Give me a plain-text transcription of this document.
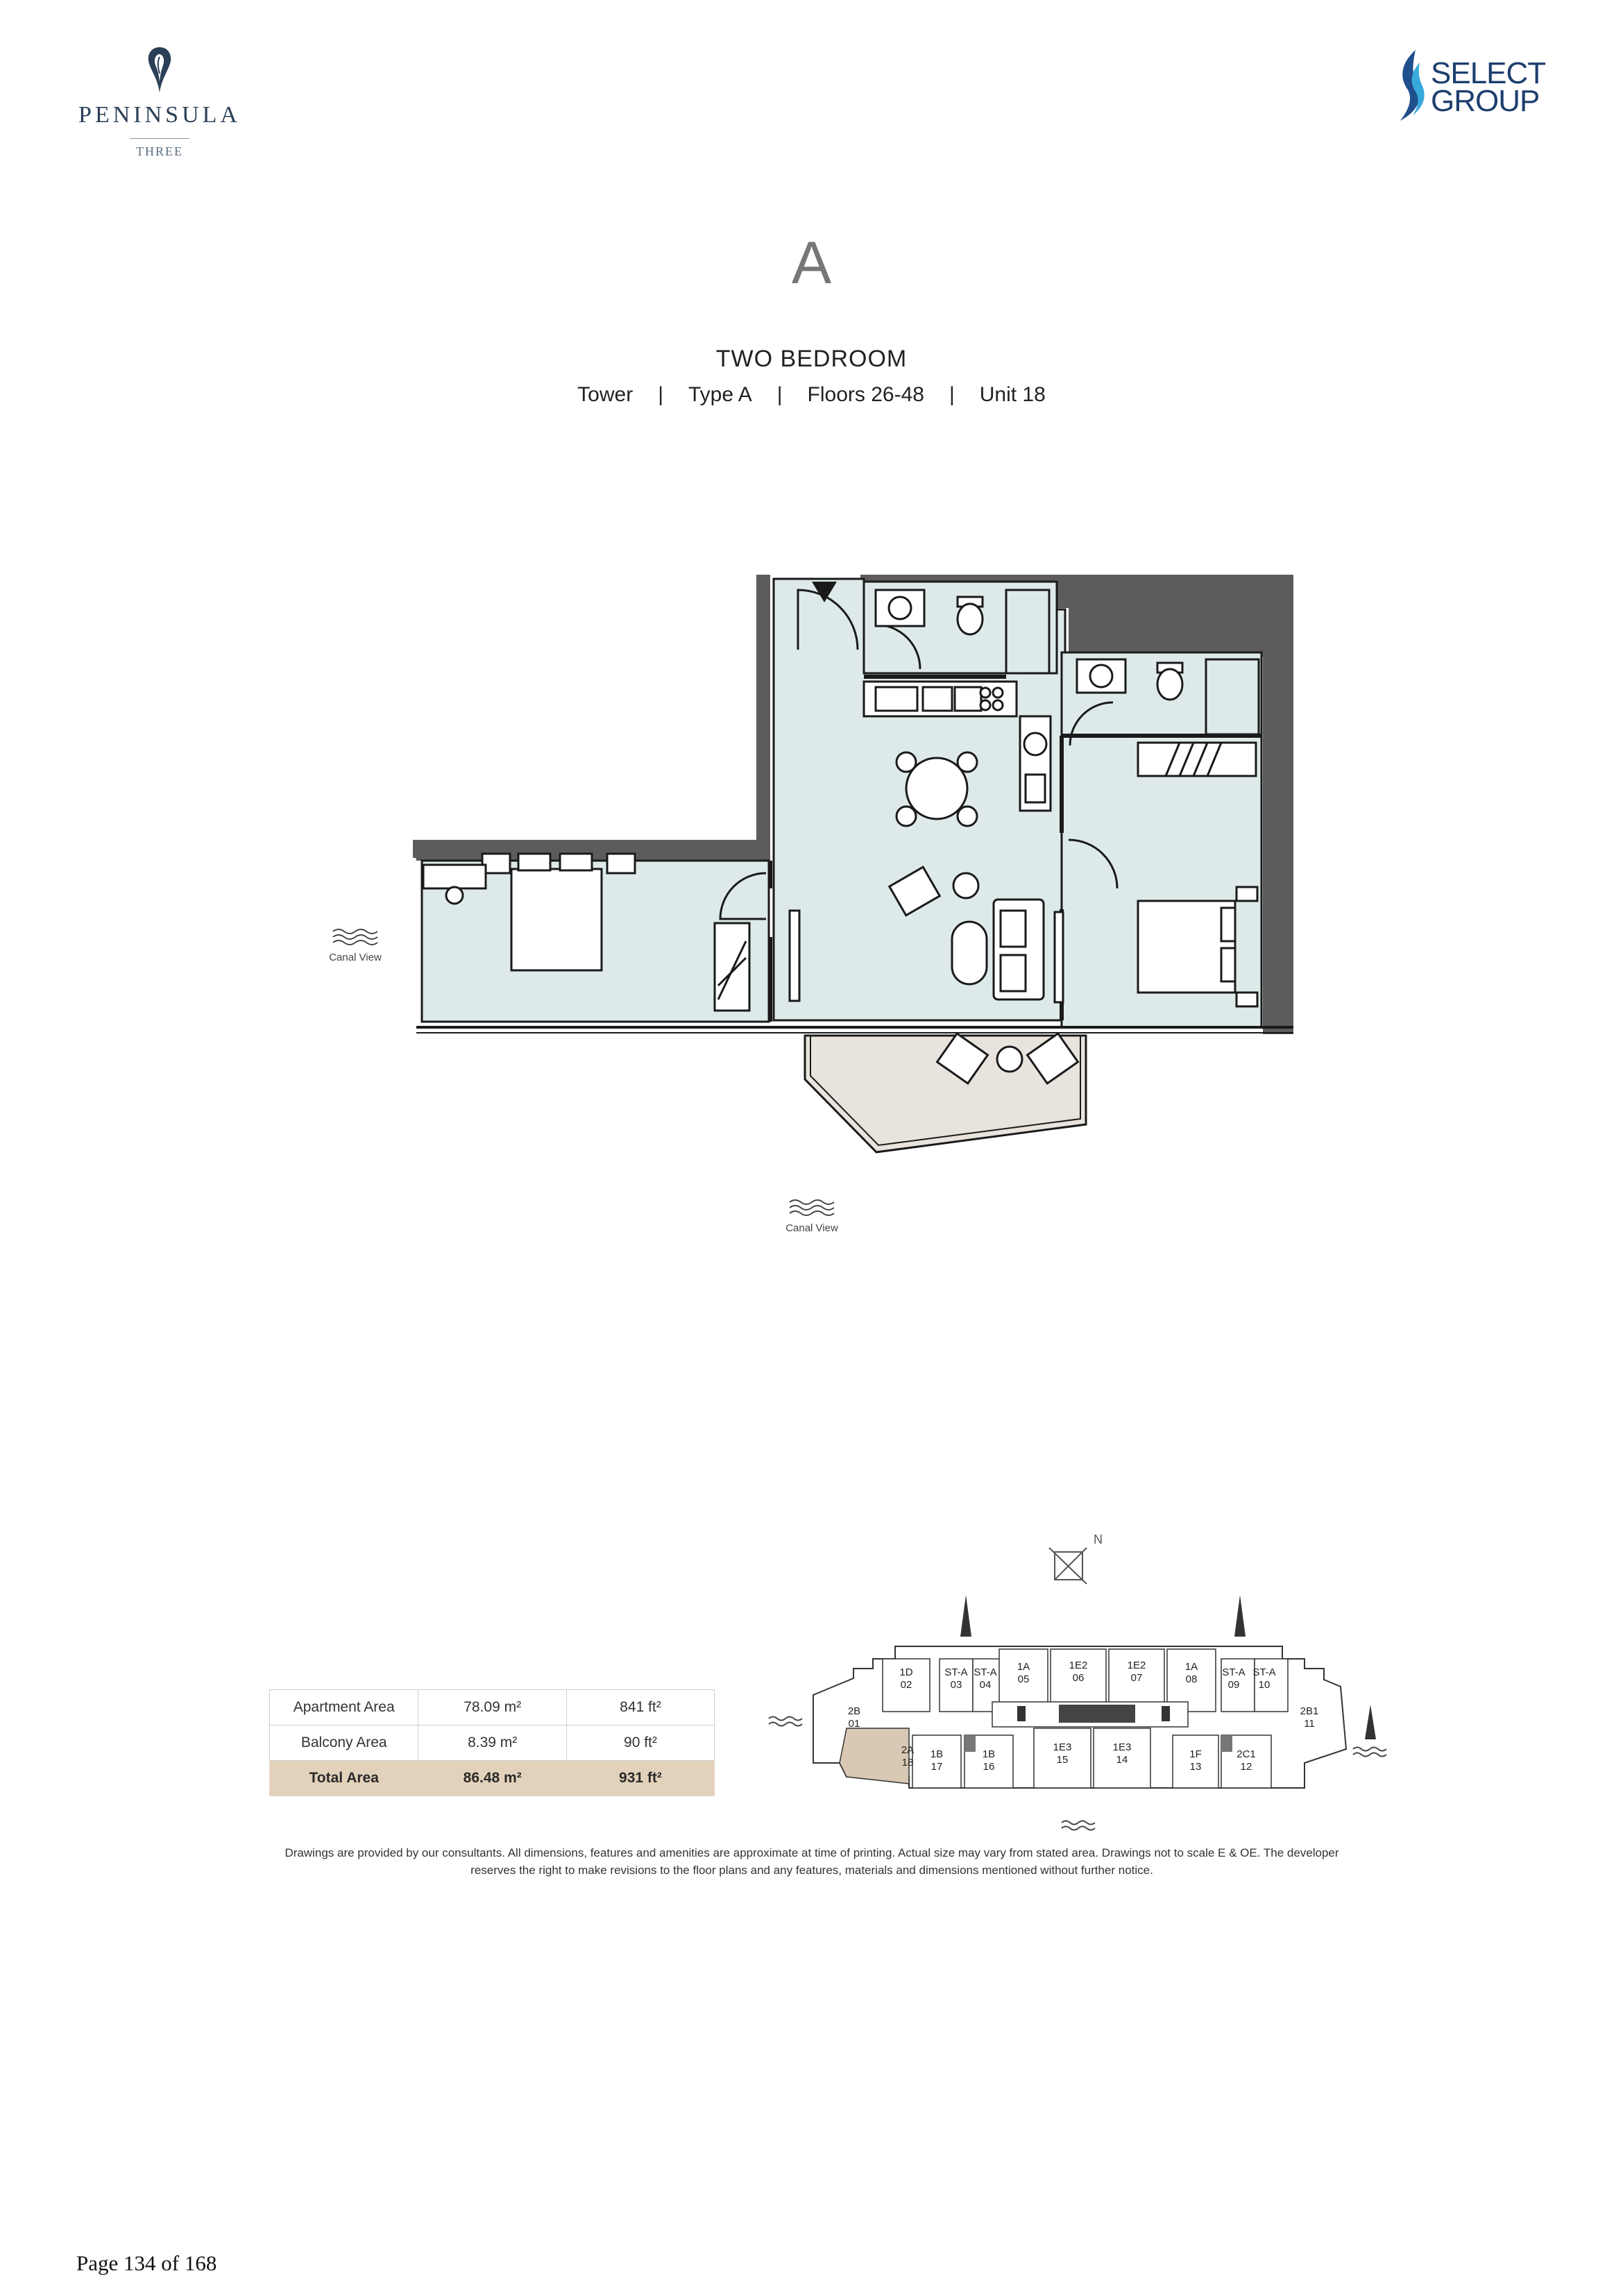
PENINSULA
THREE
SELECT
GROUP
A
TWO BEDROOM
Tower | Type A | Floors 26-48 | Unit 18
Canal View
Canal View
Apartment Area	78.09 m²	841 ft²
Balcony Area	8.39 m²	90 ft²
Total Area	86.48 m²	931 ft²
N
1D
02
ST-A
03
ST-A
04
1A
05
1E2
06
1E2
07
1A
08
ST-A
09
ST-A
10
2B
01
2A
18
1B
17
1B
16
1E3
15
1E3
14	1F
13
2C1
12
2B1
11
Drawings are provided by our consultants. All dimensions, features and amenities are approximate at time of printing. Actual size may vary from stated area. Drawings not to scale E & OE. The developer
reserves the right to make revisions to the floor plans and any features, materials and dimensions mentioned without further notice.
Page 134 of 168
